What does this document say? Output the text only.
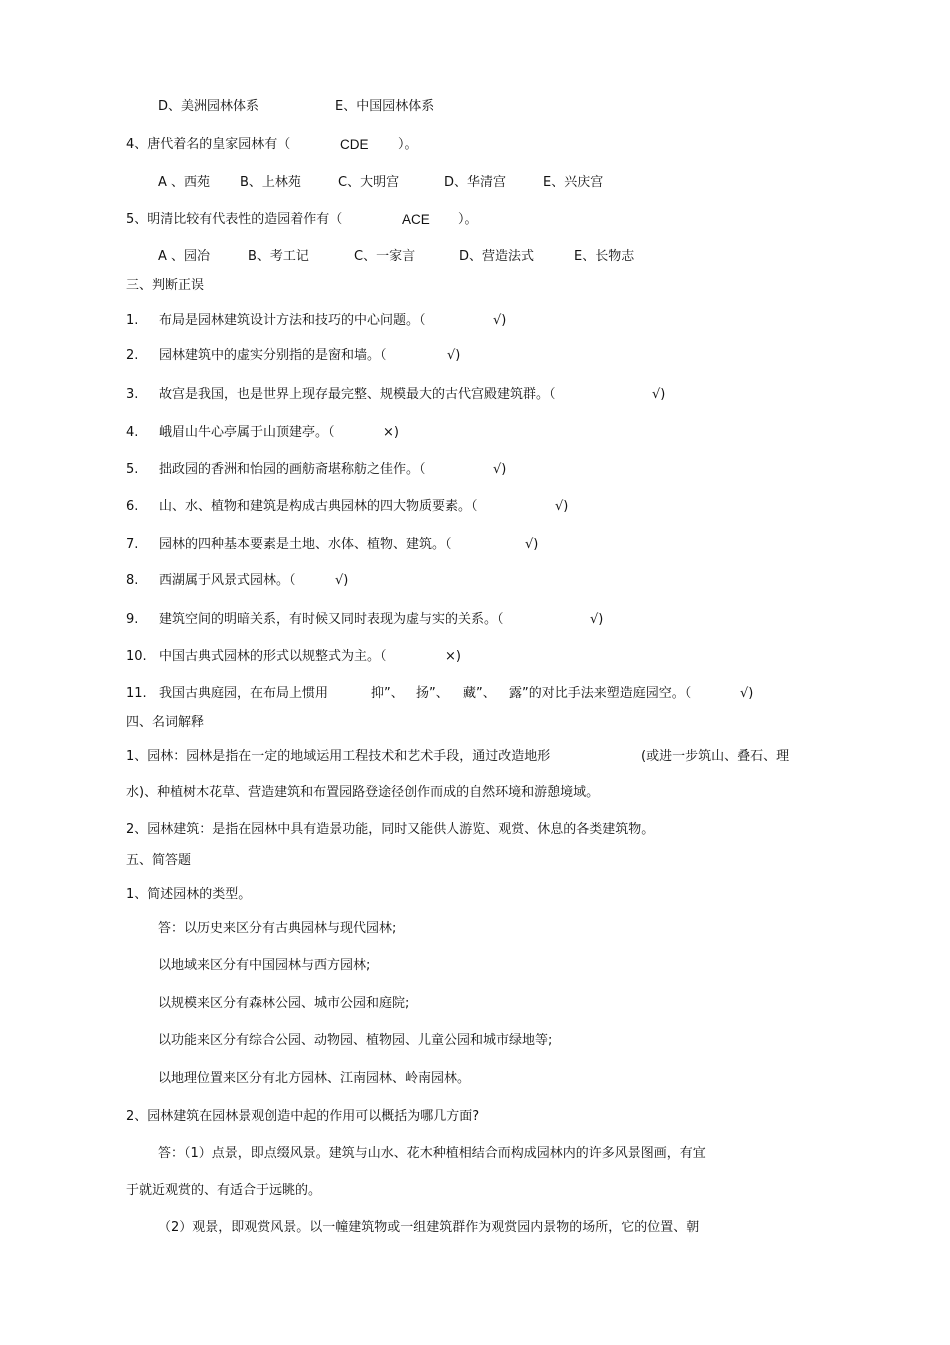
D、美洲园林体系	E、中国园林体系
4、唐代着名的皇家园林有（	CDE ）。
A 、西苑 B、上林苑	C、大明宫	D、华清宫	E、兴庆宫
5、明清比较有代表性的造园着作有（	ACE ）。
A 、园冶	B、考工记	C、一家言	D、营造法式	E、长物志
三、判断正误
1. 布局是园林建筑设计方法和技巧的中心问题。（	√)
2. 园林建筑中的虚实分别指的是窗和墙。（	√)
3. 故宫是我国，也是世界上现存最完整、规模最大的古代宫殿建筑群。（	√)
4. 峨眉山牛心亭属于山顶建亭。（	×)
5. 拙政园的香洲和怡园的画舫斋堪称舫之佳作。（	√)
6. 山、水、植物和建筑是构成古典园林的四大物质要素。（	√)
7. 园林的四种基本要素是土地、水体、植物、建筑。（	√)
8. 西湖属于风景式园林。（	√)
9. 建筑空间的明暗关系，有时候又同时表现为虚与实的关系。（	√)
10. 中国古典式园林的形式以规整式为主。（	×)
11. 我国古典庭园，在布局上惯用	抑”、 扬”、 藏”、 露”的对比手法来塑造庭园空。（	√)
四、名词解释
1、园林：园林是指在一定的地域运用工程技术和艺术手段，通过改造地形	(或进一步筑山、叠石、理
水)、种植树木花草、营造建筑和布置园路登途径创作而成的自然环境和游憩境域。
2、园林建筑：是指在园林中具有造景功能，同时又能供人游览、观赏、休息的各类建筑物。
五、简答题
1、简述园林的类型。
答：以历史来区分有古典园林与现代园林;
以地域来区分有中国园林与西方园林;
以规模来区分有森林公园、城市公园和庭院;
以功能来区分有综合公园、动物园、植物园、儿童公园和城市绿地等;
以地理位置来区分有北方园林、江南园林、岭南园林。
2、园林建筑在园林景观创造中起的作用可以概括为哪几方面?
答：（1）点景，即点缀风景。建筑与山水、花木种植相结合而构成园林内的许多风景图画，有宜
于就近观赏的、有适合于远眺的。
（2）观景，即观赏风景。以一幢建筑物或一组建筑群作为观赏园内景物的场所，它的位置、朝
